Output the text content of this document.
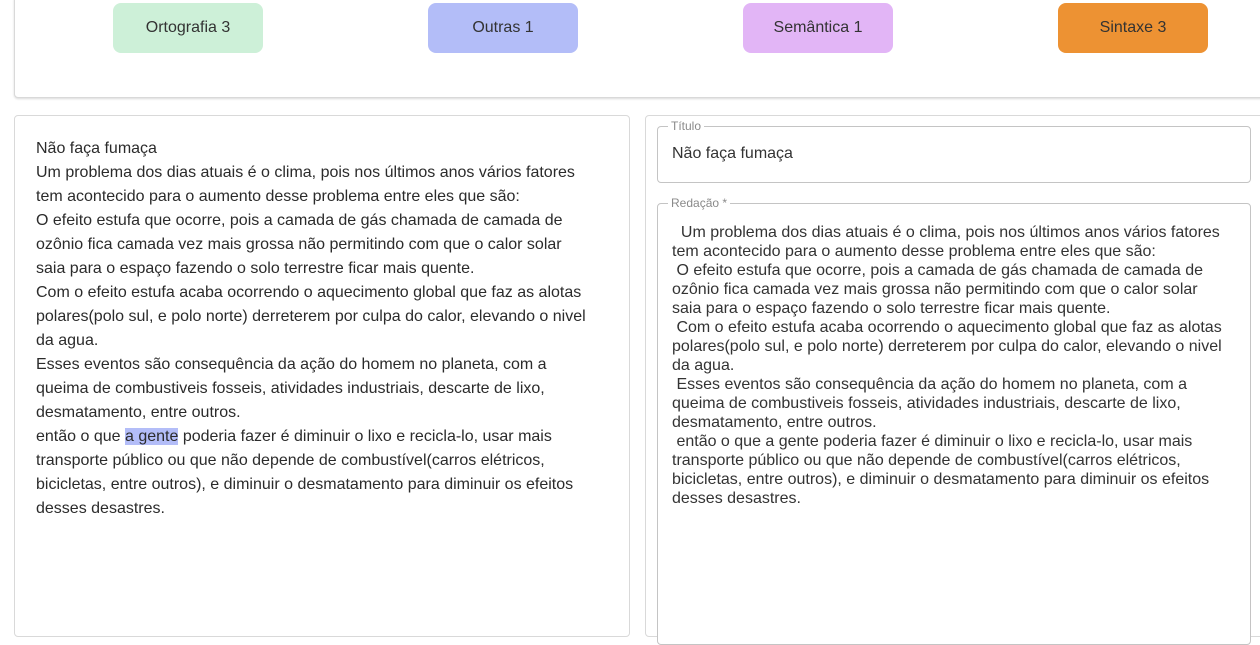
Ortografia 3	Outras 1	Semântica 1	Sintaxe 3
Não faça fumaça
Um problema dos dias atuais é o clima, pois nos últimos anos vários fatores
tem acontecido para o aumento desse problema entre eles que são:
O efeito estufa que ocorre, pois a camada de gás chamada de camada de
ozônio fica camada vez mais grossa não permitindo com que o calor solar
saia para o espaço fazendo o solo terrestre ficar mais quente.
Com o efeito estufa acaba ocorrendo o aquecimento global que faz as alotas
polares(polo sul, e polo norte) derreterem por culpa do calor, elevando o nivel
da agua.
Esses eventos são consequência da ação do homem no planeta, com a
queima de combustiveis fosseis, atividades industriais, descarte de lixo,
desmatamento, entre outros.
então o que a gente poderia fazer é diminuir o lixo e recicla-lo, usar mais
transporte público ou que não depende de combustível(carros elétricos,
bicicletas, entre outros), e diminuir o desmatamento para diminuir os efeitos
desses desastres.
Título
Não faça fumaça
Redação *
Um problema dos dias atuais é o clima, pois nos últimos anos vários fatores
tem acontecido para o aumento desse problema entre eles que são:
O efeito estufa que ocorre, pois a camada de gás chamada de camada de
ozônio fica camada vez mais grossa não permitindo com que o calor solar
saia para o espaço fazendo o solo terrestre ficar mais quente.
Com o efeito estufa acaba ocorrendo o aquecimento global que faz as alotas
polares(polo sul, e polo norte) derreterem por culpa do calor, elevando o nivel
da agua.
Esses eventos são consequência da ação do homem no planeta, com a
queima de combustiveis fosseis, atividades industriais, descarte de lixo,
desmatamento, entre outros.
então o que a gente poderia fazer é diminuir o lixo e recicla-lo, usar mais
transporte público ou que não depende de combustível(carros elétricos,
bicicletas, entre outros), e diminuir o desmatamento para diminuir os efeitos
desses desastres.
